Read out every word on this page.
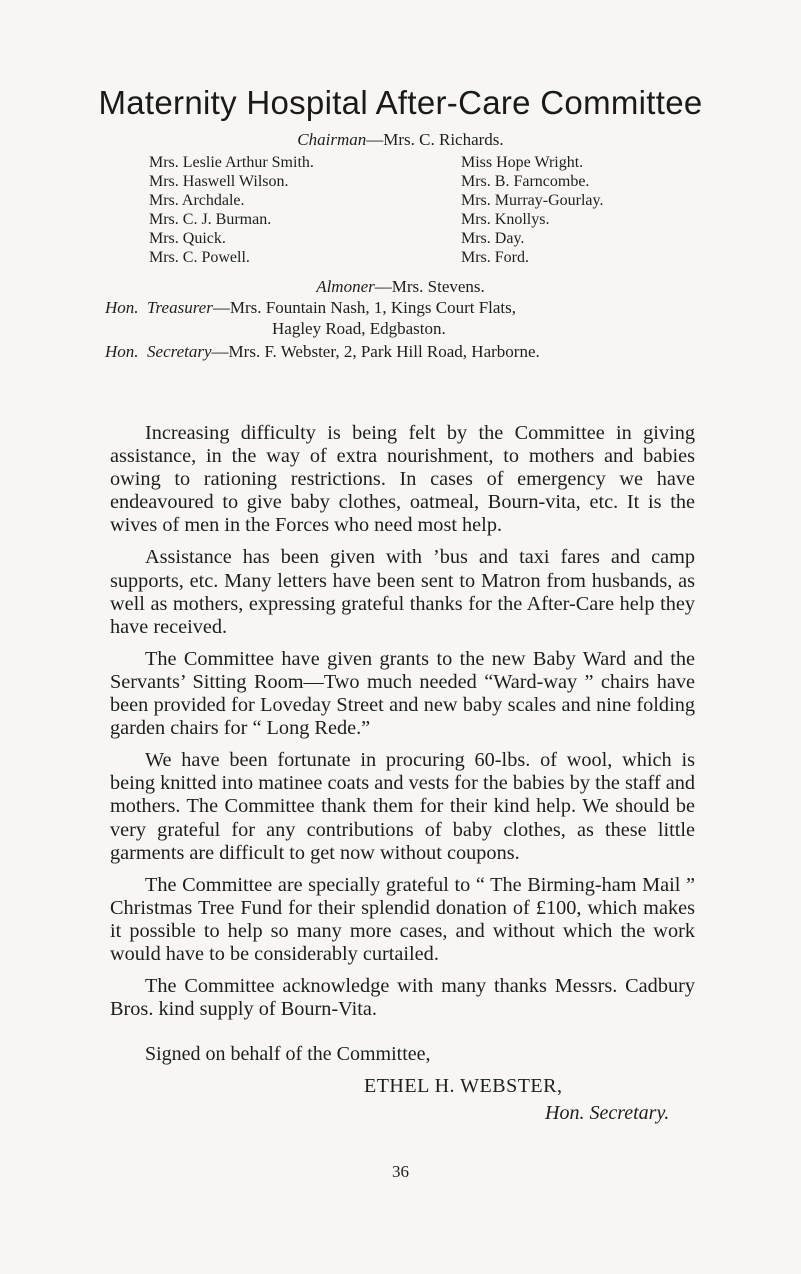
Maternity Hospital After-Care Committee
Chairman—Mrs. C. Richards.
Mrs. Leslie Arthur Smith.	Miss Hope Wright.
Mrs. Haswell Wilson.	Mrs. B. Farncombe.
Mrs. Archdale.	Mrs. Murray-Gourlay.
Mrs. C. J. Burman.	Mrs. Knollys.
Mrs. Quick.	Mrs. Day.
Mrs. C. Powell.	Mrs. Ford.
Almoner—Mrs. Stevens.
Hon. Treasurer—Mrs. Fountain Nash, 1, Kings Court Flats,
Hagley Road, Edgbaston.
Hon. Secretary—Mrs. F. Webster, 2, Park Hill Road, Harborne.

Increasing difficulty is being felt by the Committee in giving assistance, in the way of extra nourishment, to mothers and babies owing to rationing restrictions. In cases of emergency we have endeavoured to give baby clothes, oatmeal, Bourn-vita, etc. It is the wives of men in the Forces who need most help.

Assistance has been given with ’bus and taxi fares and camp supports, etc. Many letters have been sent to Matron from husbands, as well as mothers, expressing grateful thanks for the After-Care help they have received.

The Committee have given grants to the new Baby Ward and the Servants’ Sitting Room—Two much needed “Ward-way ” chairs have been provided for Loveday Street and new baby scales and nine folding garden chairs for “ Long Rede.”

We have been fortunate in procuring 60-lbs. of wool, which is being knitted into matinee coats and vests for the babies by the staff and mothers. The Committee thank them for their kind help. We should be very grateful for any contributions of baby clothes, as these little garments are difficult to get now without coupons.

The Committee are specially grateful to “ The Birming-ham Mail ” Christmas Tree Fund for their splendid donation of £100, which makes it possible to help so many more cases, and without which the work would have to be considerably curtailed.

The Committee acknowledge with many thanks Messrs. Cadbury Bros. kind supply of Bourn-Vita.

Signed on behalf of the Committee,
ETHEL H. WEBSTER,
Hon. Secretary.
36
